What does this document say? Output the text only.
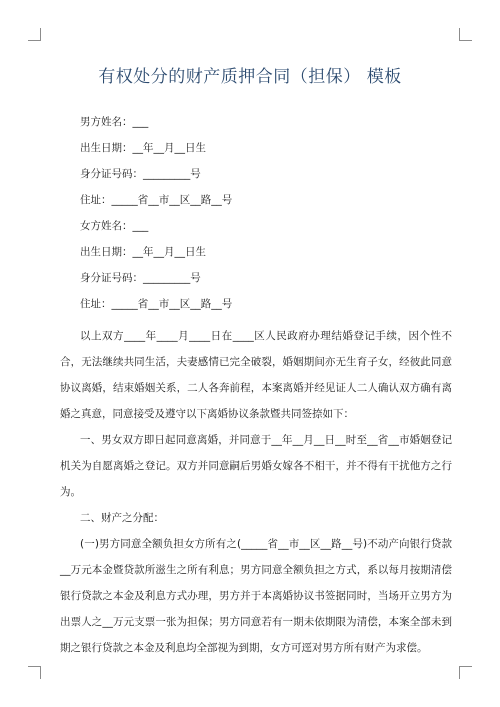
有权处分的财产质押合同（担保） 模板

男方姓名：___

出生日期：__年__月__日生

身分证号码：_________号

住址：_____省__市__区__路__号

女方姓名：___

出生日期：__年__月__日生

身分证号码：_________号

住址：_____省__市__区__路__号

以上双方____年____月____日在____区人民政府办理结婚登记手续，因个性不合，无法继续共同生活，夫妻感情已完全破裂，婚姻期间亦无生育子女，经彼此同意协议离婚，结束婚姻关系，二人各奔前程，本案离婚并经见证人二人确认双方确有离婚之真意，同意接受及遵守以下离婚协议条款暨共同签捺如下：

一、男女双方即日起同意离婚，并同意于__年__月__日__时至__省__市婚姻登记机关为自愿离婚之登记。双方并同意嗣后男婚女嫁各不相干，并不得有干扰他方之行为。

二、财产之分配：

(一)男方同意全额负担女方所有之(_____省__市__区__路__号)不动产向银行贷款__万元本金暨贷款所滋生之所有利息；男方同意全额负担之方式，系以每月按期清偿银行贷款之本金及利息方式办理，男方并于本离婚协议书签据同时，当场开立男方为出票人之__万元支票一张为担保；男方同意若有一期未依期限为清偿，本案全部未到期之银行贷款之本金及利息均全部视为到期，女方可逕对男方所有财产为求偿。
